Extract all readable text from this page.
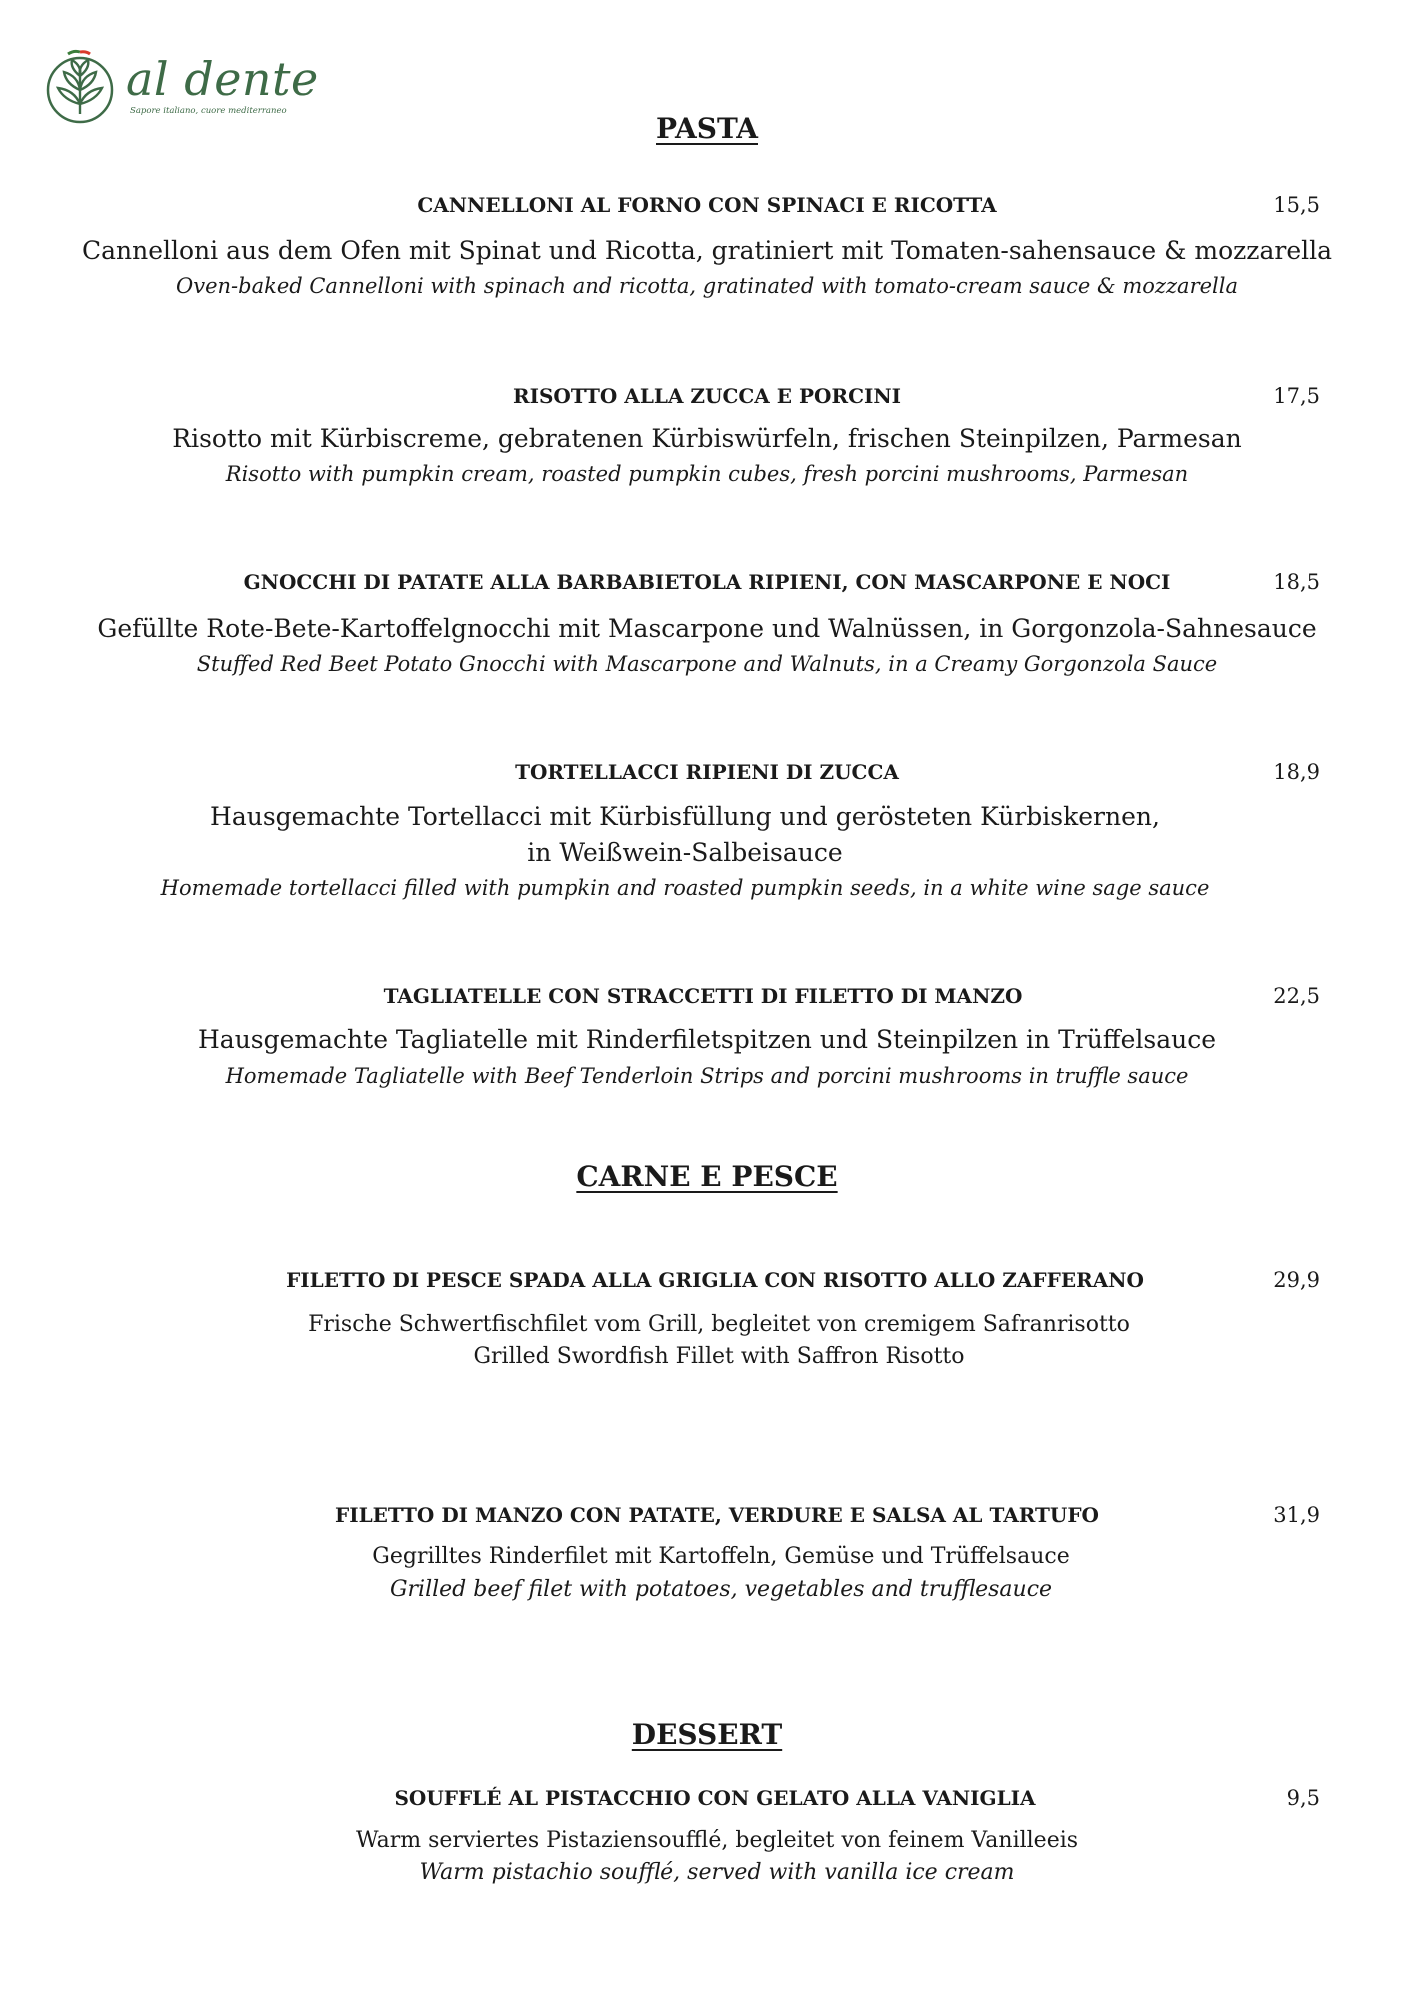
al dente
Sapore italiano, cuore mediterraneo
PASTA
CANNELLONI AL FORNO CON SPINACI E RICOTTA	15,5
Cannelloni aus dem Ofen mit Spinat und Ricotta, gratiniert mit Tomaten-sahensauce & mozzarella
Oven-baked Cannelloni with spinach and ricotta, gratinated with tomato-cream sauce & mozzarella
RISOTTO ALLA ZUCCA E PORCINI	17,5
Risotto mit Kürbiscreme, gebratenen Kürbiswürfeln, frischen Steinpilzen, Parmesan
Risotto with pumpkin cream, roasted pumpkin cubes, fresh porcini mushrooms, Parmesan
GNOCCHI DI PATATE ALLA BARBABIETOLA RIPIENI, CON MASCARPONE E NOCI	18,5
Gefüllte Rote-Bete-Kartoffelgnocchi mit Mascarpone und Walnüssen, in Gorgonzola-Sahnesauce
Stuffed Red Beet Potato Gnocchi with Mascarpone and Walnuts, in a Creamy Gorgonzola Sauce
TORTELLACCI RIPIENI DI ZUCCA	18,9
Hausgemachte Tortellacci mit Kürbisfüllung und gerösteten Kürbiskernen,
in Weißwein-Salbeisauce
Homemade tortellacci filled with pumpkin and roasted pumpkin seeds, in a white wine sage sauce
TAGLIATELLE CON STRACCETTI DI FILETTO DI MANZO	22,5
Hausgemachte Tagliatelle mit Rinderfiletspitzen und Steinpilzen in Trüffelsauce
Homemade Tagliatelle with Beef Tenderloin Strips and porcini mushrooms in truffle sauce
CARNE E PESCE
FILETTO DI PESCE SPADA ALLA GRIGLIA CON RISOTTO ALLO ZAFFERANO	29,9
Frische Schwertfischfilet vom Grill, begleitet von cremigem Safranrisotto
Grilled Swordfish Fillet with Saffron Risotto
FILETTO DI MANZO CON PATATE, VERDURE E SALSA AL TARTUFO	31,9
Gegrilltes Rinderfilet mit Kartoffeln, Gemüse und Trüffelsauce
Grilled beef filet with potatoes, vegetables and trufflesauce
DESSERT
SOUFFLÉ AL PISTACCHIO CON GELATO ALLA VANIGLIA	9,5
Warm serviertes Pistaziensoufflé, begleitet von feinem Vanilleeis
Warm pistachio soufflé, served with vanilla ice cream
